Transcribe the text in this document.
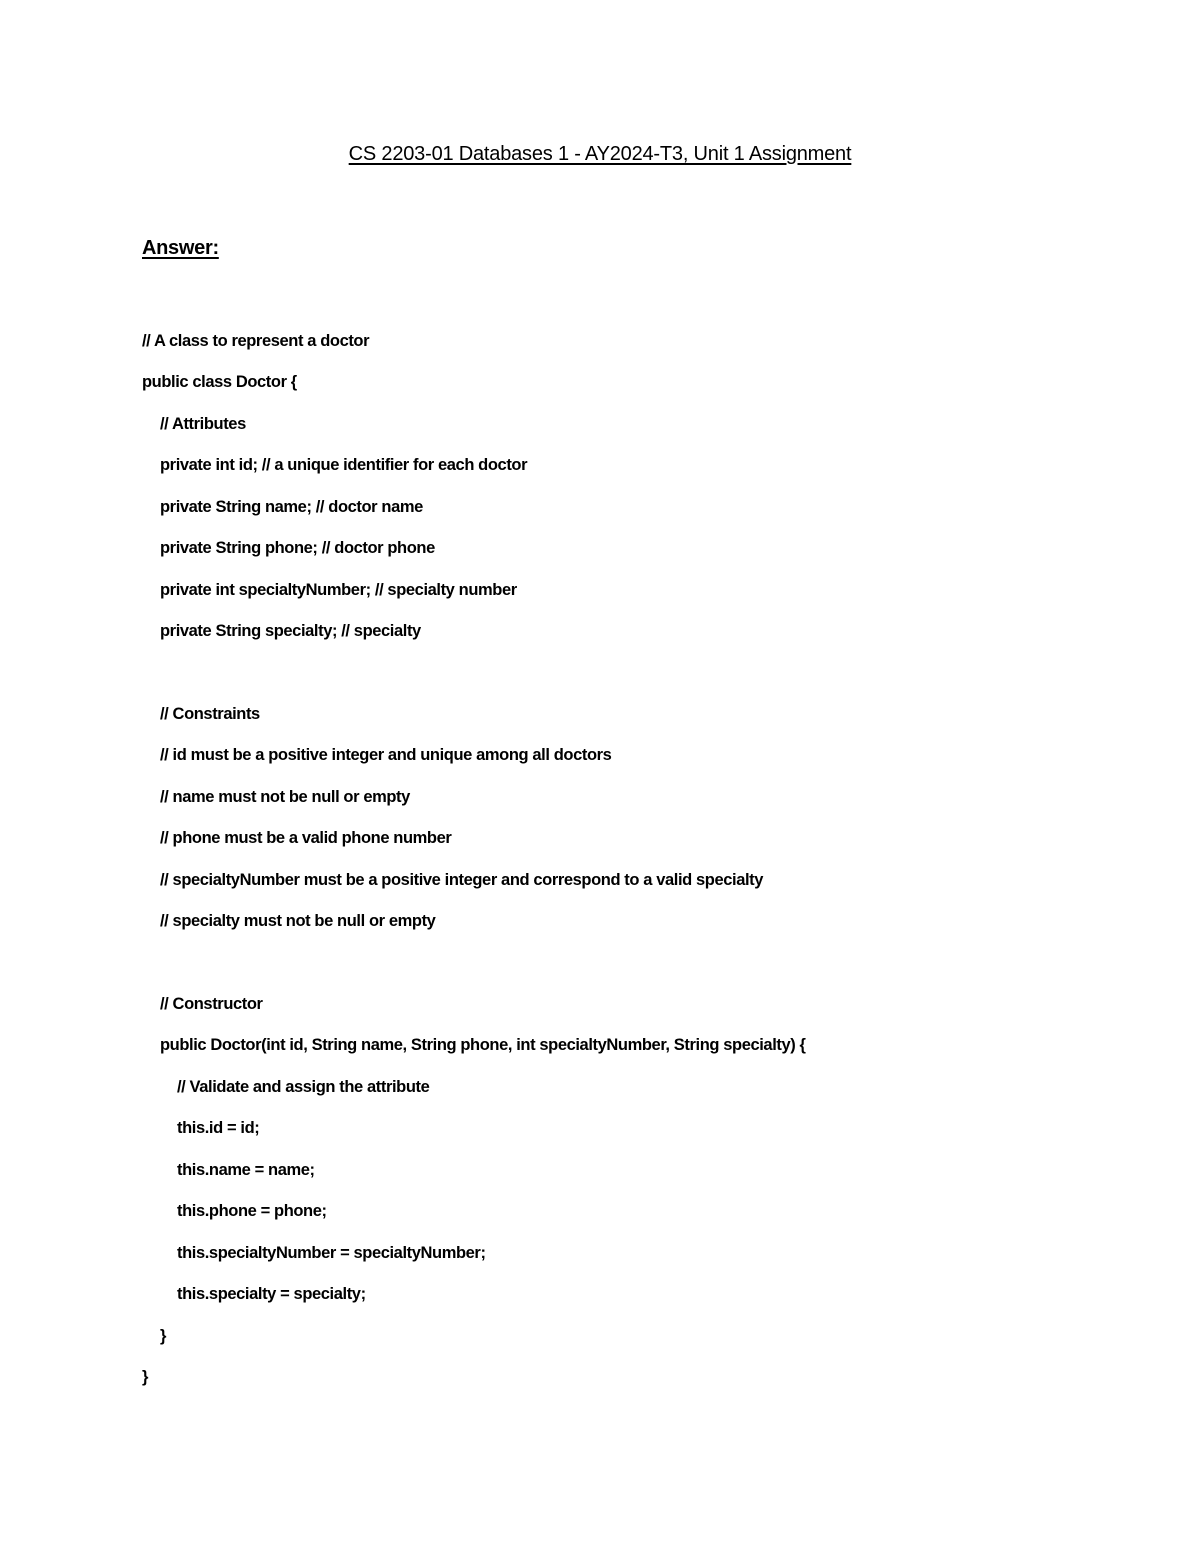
CS 2203-01 Databases 1 - AY2024-T3, Unit 1 Assignment
Answer:
// A class to represent a doctor
public class Doctor {
// Attributes
private int id; // a unique identifier for each doctor
private String name; // doctor name
private String phone; // doctor phone
private int specialtyNumber; // specialty number
private String specialty; // specialty
// Constraints
// id must be a positive integer and unique among all doctors
// name must not be null or empty
// phone must be a valid phone number
// specialtyNumber must be a positive integer and correspond to a valid specialty
// specialty must not be null or empty
// Constructor
public Doctor(int id, String name, String phone, int specialtyNumber, String specialty) {
// Validate and assign the attribute
this.id = id;
this.name = name;
this.phone = phone;
this.specialtyNumber = specialtyNumber;
this.specialty = specialty;
}
}
